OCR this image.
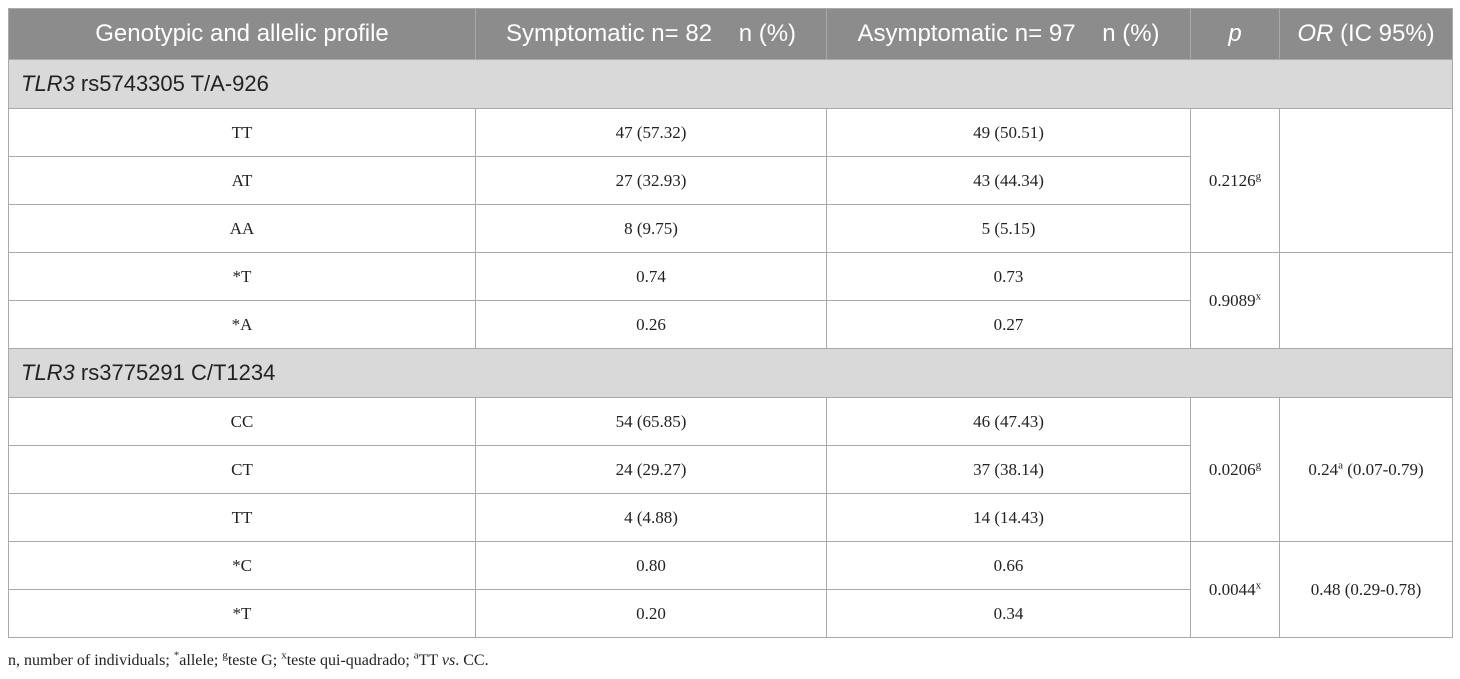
Genotypic and allelic profile	Symptomatic n= 82    n (%)	Asymptomatic n= 97    n (%)	p	OR (IC 95%)
TLR3 rs5743305 T/A-926				
TT	47 (57.32)	49 (50.51)	0.2126$^g$	
AT	27 (32.93)	43 (44.34)		
AA	8 (9.75)	5 (5.15)		
*T	0.74	0.73	0.9089$^x$	
*A	0.26	0.27		
TLR3 rs3775291 C/T1234				
CC	54 (65.85)	46 (47.43)	0.0206$^g$	0.24$^a$ (0.07-0.79)
CT	24 (29.27)	37 (38.14)		
TT	4 (4.88)	14 (14.43)		
*C	0.80	0.66	0.0044$^x$	0.48 (0.29-0.78)
*T	0.20	0.34		
n, number of individuals; *allele; $^g$teste G; $^x$teste qui-quadrado; $^a$TT vs. CC.
